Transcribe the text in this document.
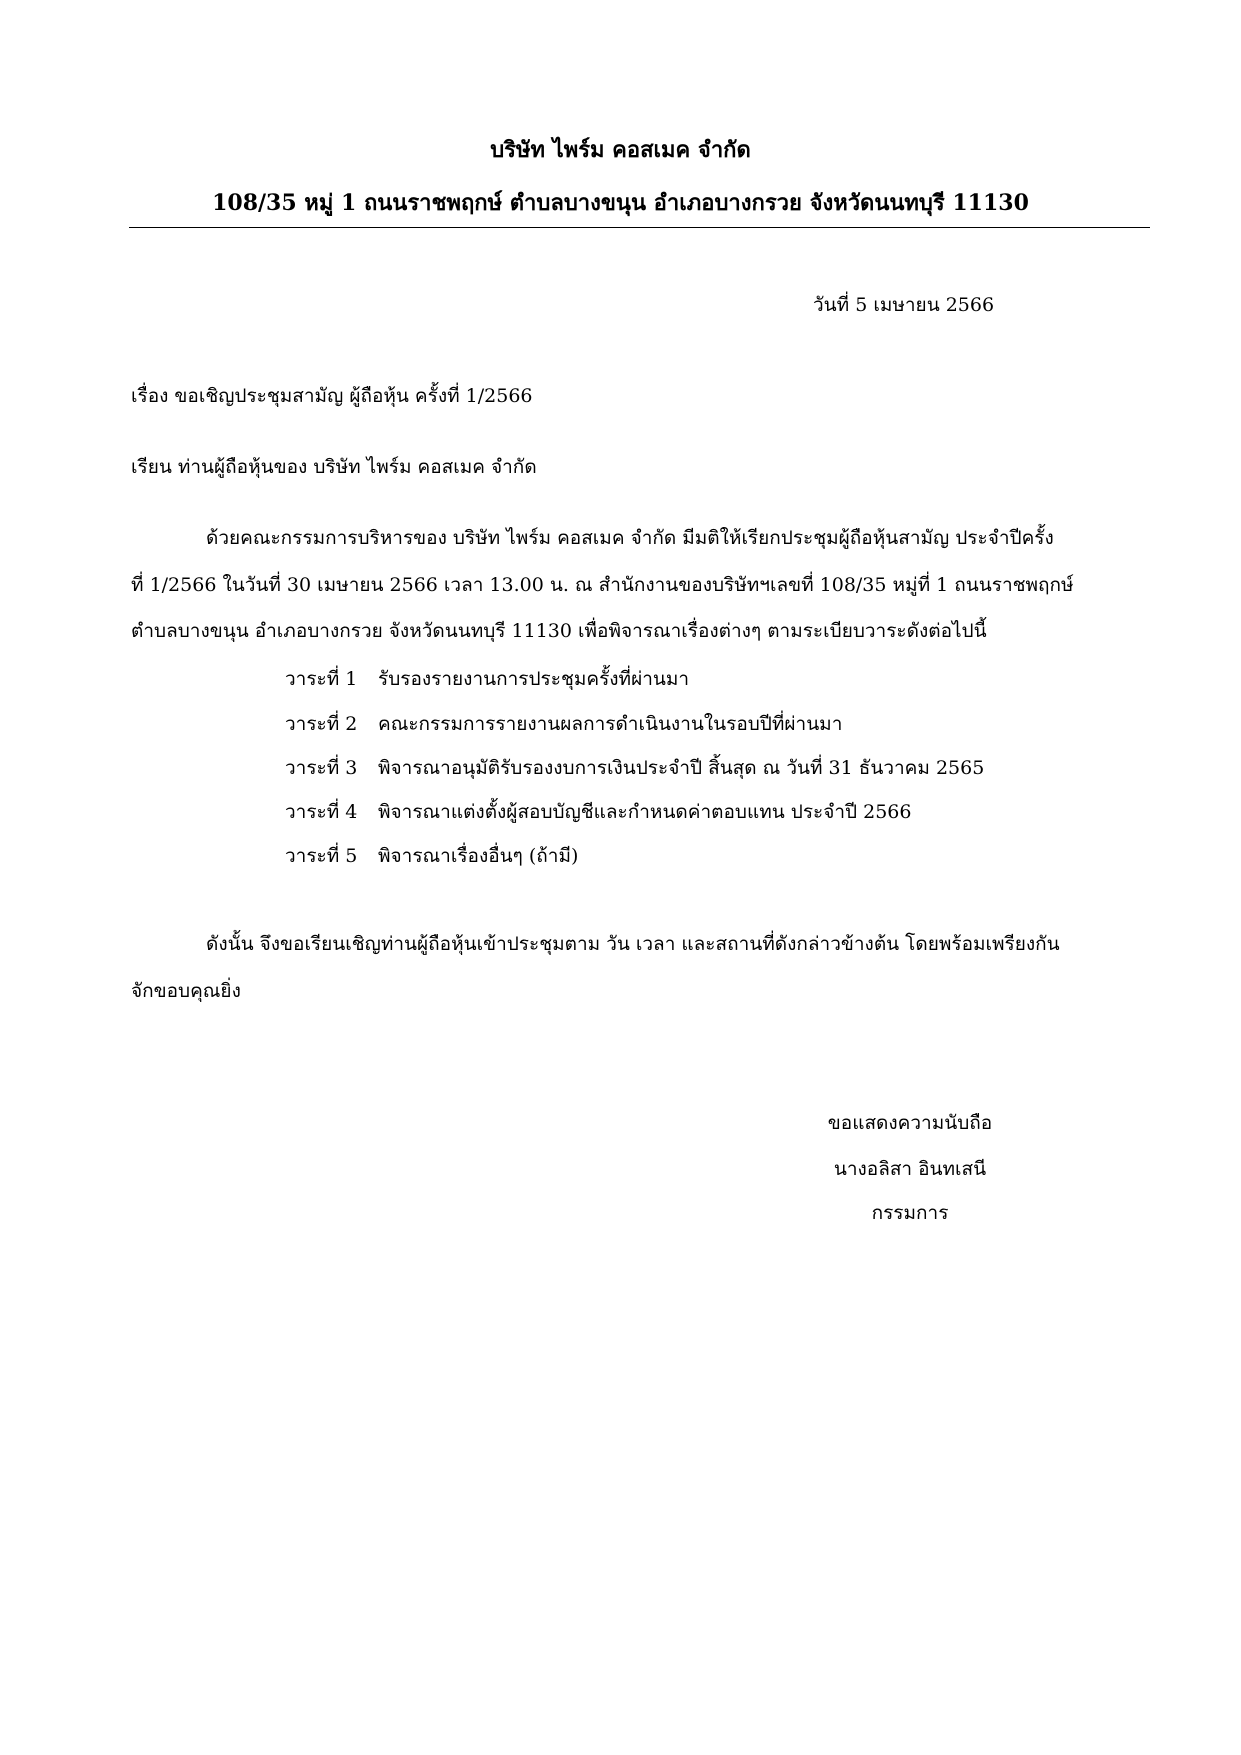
บริษัท ไพร์ม คอสเมค จำกัด
108/35 หมู่ 1 ถนนราชพฤกษ์ ตำบลบางขนุน อำเภอบางกรวย จังหวัดนนทบุรี 11130
วันที่ 5 เมษายน 2566
เรื่อง ขอเชิญประชุมสามัญ ผู้ถือหุ้น ครั้งที่ 1/2566
เรียน ท่านผู้ถือหุ้นของ บริษัท ไพร์ม คอสเมค จำกัด
ด้วยคณะกรรมการบริหารของ บริษัท ไพร์ม คอสเมค จำกัด มีมติให้เรียกประชุมผู้ถือหุ้นสามัญ ประจำปีครั้ง
ที่ 1/2566 ในวันที่ 30 เมษายน 2566 เวลา 13.00 น. ณ สำนักงานของบริษัทฯเลขที่ 108/35 หมู่ที่ 1 ถนนราชพฤกษ์
ตำบลบางขนุน อำเภอบางกรวย จังหวัดนนทบุรี 11130 เพื่อพิจารณาเรื่องต่างๆ ตามระเบียบวาระดังต่อไปนี้
วาระที่ 1 รับรองรายงานการประชุมครั้งที่ผ่านมา
วาระที่ 2 คณะกรรมการรายงานผลการดำเนินงานในรอบปีที่ผ่านมา
วาระที่ 3 พิจารณาอนุมัติรับรองงบการเงินประจำปี สิ้นสุด ณ วันที่ 31 ธันวาคม 2565
วาระที่ 4 พิจารณาแต่งตั้งผู้สอบบัญชีและกำหนดค่าตอบแทน ประจำปี 2566
วาระที่ 5 พิจารณาเรื่องอื่นๆ (ถ้ามี)
ดังนั้น จึงขอเรียนเชิญท่านผู้ถือหุ้นเข้าประชุมตาม วัน เวลา และสถานที่ดังกล่าวข้างต้น โดยพร้อมเพรียงกัน
จักขอบคุณยิ่ง
ขอแสดงความนับถือ
นางอลิสา อินทเสนี
กรรมการ
